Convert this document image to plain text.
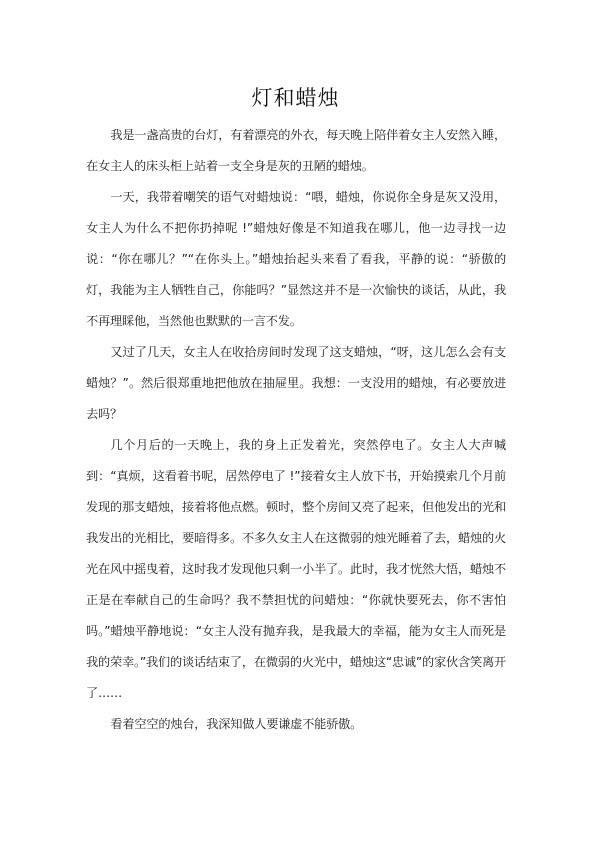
灯和蜡烛

我是一盏高贵的台灯，有着漂亮的外衣，每天晚上陪伴着女主人安然入睡，在女主人的床头柜上站着一支全身是灰的丑陋的蜡烛。

一天，我带着嘲笑的语气对蜡烛说：“喂，蜡烛，你说你全身是灰又没用，女主人为什么不把你扔掉呢 !”蜡烛好像是不知道我在哪儿，他一边寻找一边说：“你在哪儿？”“在你头上。”蜡烛抬起头来看了看我，平静的说：“骄傲的灯，我能为主人牺牲自己，你能吗？”显然这并不是一次愉快的谈话，从此，我不再理睬他，当然他也默默的一言不发。

又过了几天，女主人在收拾房间时发现了这支蜡烛，“呀，这儿怎么会有支蜡烛？”。然后很郑重地把他放在抽屉里。我想：一支没用的蜡烛，有必要放进去吗？

几个月后的一天晚上，我的身上正发着光，突然停电了。女主人大声喊到：“真烦，这看着书呢，居然停电了 !”接着女主人放下书，开始摸索几个月前发现的那支蜡烛，接着将他点燃。顿时，整个房间又亮了起来，但他发出的光和我发出的光相比，要暗得多。不多久女主人在这微弱的烛光睡着了去，蜡烛的火光在风中摇曳着，这时我才发现他只剩一小半了。此时，我才恍然大悟，蜡烛不正是在奉献自己的生命吗？我不禁担忧的问蜡烛：“你就快要死去，你不害怕吗。”蜡烛平静地说：“女主人没有抛弃我，是我最大的幸福，能为女主人而死是我的荣幸。”我们的谈话结束了，在微弱的火光中，蜡烛这“忠诚”的家伙含笑离开了……

看着空空的烛台，我深知做人要谦虚不能骄傲。
